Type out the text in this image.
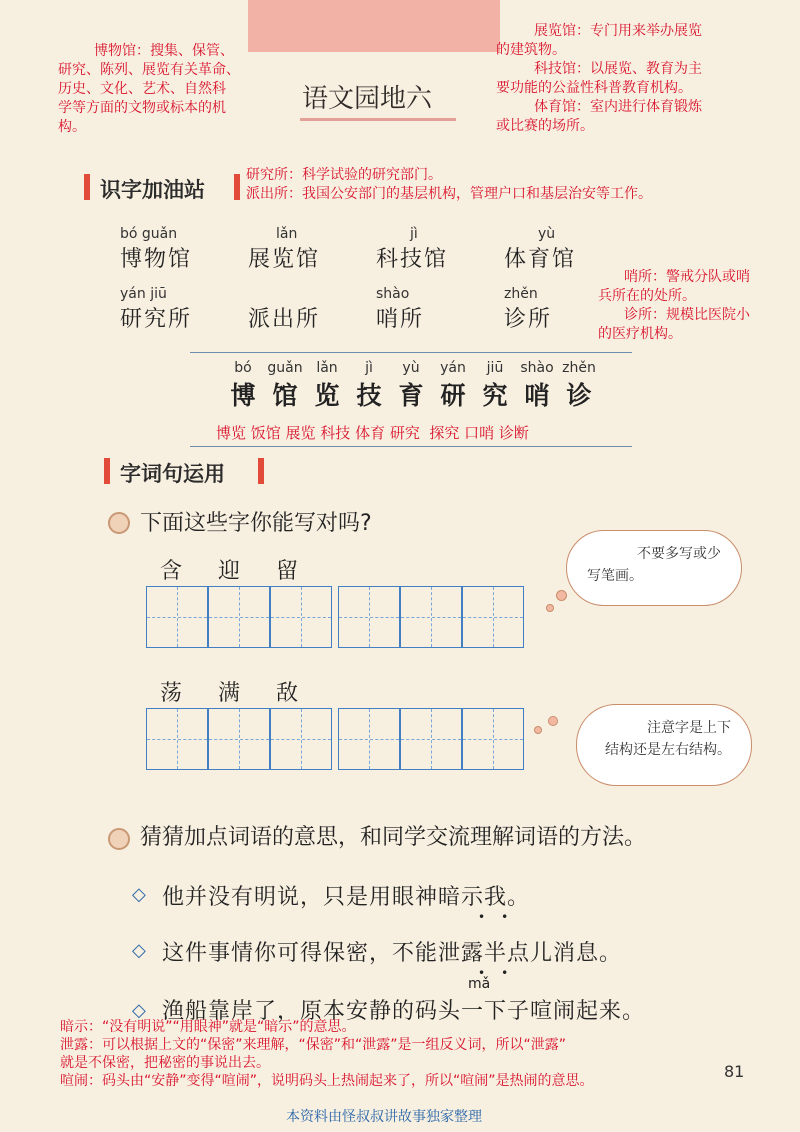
语文园地六
博物馆：搜集、保管、
研究、陈列、展览有关革命、
历史、文化、艺术、自然科
学等方面的文物或标本的机
构。
展览馆：专门用来举办展览
的建筑物。
科技馆：以展览、教育为主
要功能的公益性科普教育机构。
体育馆：室内进行体育锻炼
或比赛的场所。
识字加油站
研究所：科学试验的研究部门。
派出所：我国公安部门的基层机构，管理户口和基层治安等工作。
bó guǎn
博物馆
lǎn
展览馆
jì
科技馆
yù
体育馆
yán jiū
研究所
	派出所
shào
哨所
zhěn
诊所
哨所：警戒分队或哨
兵所在的处所。
诊所：规模比医院小
的医疗机构。
bó
博
guǎn
馆
lǎn
览
jì
技
yù
育
yán
研
jiū
究
shào
哨
zhěn
诊
博览 饭馆 展览 科技 体育 研究  探究 口哨 诊断
字词句运用
下面这些字你能写对吗?
含 迎 留
不要多写或少
写笔画。
荡 满 敌
注意字是上下
结构还是左右结构。
猜猜加点词语的意思，和同学交流理解词语的方法。
◇ 他并没有明说，只是用眼神暗示我。
••
◇ 这件事情你可得保密，不能泄露半点儿消息。
••
mǎ
◇ 渔船靠岸了，原本安静的码头一下子喧闹起来。
暗示：“没有明说”“用眼神”就是“暗示”的意思。
泄露：可以根据上文的“保密”来理解，“保密”和“泄露”是一组反义词，所以“泄露”
就是不保密，把秘密的事说出去。
喧闹：码头由“安静”变得“喧闹”，说明码头上热闹起来了，所以“喧闹”是热闹的意思。	81
本资料由怪叔叔讲故事独家整理
